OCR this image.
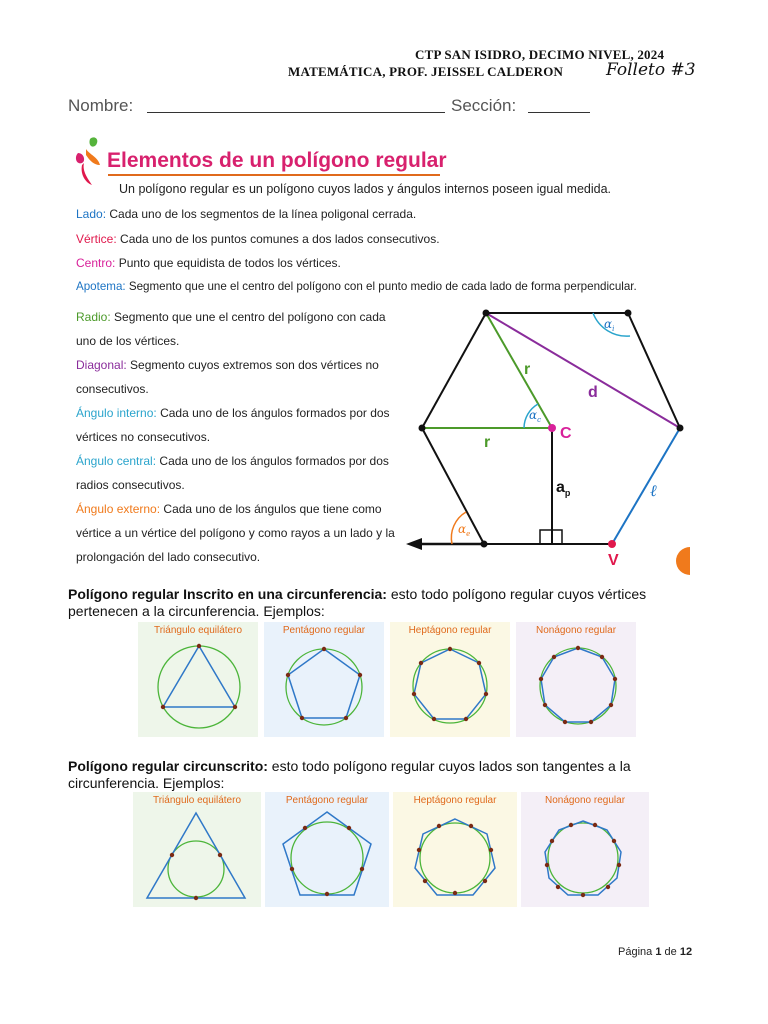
CTP SAN ISIDRO, DECIMO NIVEL, 2024
MATEMÁTICA, PROF. JEISSEL CALDERON	Folleto #3
Nombre:	Sección:
Elementos de un polígono regular
Un polígono regular es un polígono cuyos lados y ángulos internos poseen igual medida.
Lado: Cada uno de los segmentos de la línea poligonal cerrada.
Vértice: Cada uno de los puntos comunes a dos lados consecutivos.
Centro: Punto que equidista de todos los vértices.
Apotema: Segmento que une el centro del polígono con el punto medio de cada lado de forma perpendicular.
Radio: Segmento que une el centro del polígono con cada uno de los vértices.
Diagonal: Segmento cuyos extremos son dos vértices no consecutivos.
Ángulo interno: Cada uno de los ángulos formados por dos vértices no consecutivos.
Ángulo central: Cada uno de los ángulos formados por dos radios consecutivos.
Ángulo externo: Cada uno de los ángulos que tiene como vértice a un vértice del polígono y como rayos a un lado y la prolongación del lado consecutivo.
r
r
d
C
$a_p$	ℓ
V
$\alpha_i$
$\alpha_c$
$\alpha_e$
Polígono regular Inscrito en una circunferencia: esto todo polígono regular cuyos vértices pertenecen a la circunferencia. Ejemplos:
Triángulo equilátero	Pentágono regular	Heptágono regular	Nonágono regular
Polígono regular circunscrito: esto todo polígono regular cuyos lados son tangentes a la circunferencia. Ejemplos:
Triángulo equilátero	Pentágono regular	Heptágono regular	Nonágono regular
Página 1 de 12
